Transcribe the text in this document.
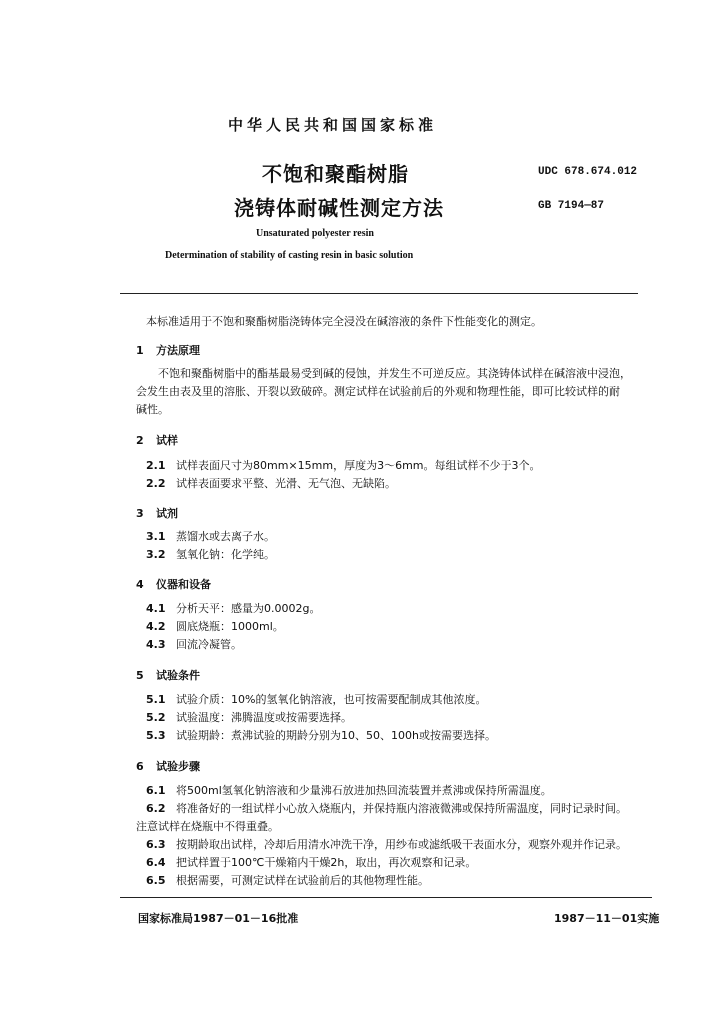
中华人民共和国国家标准
不饱和聚酯树脂
浇铸体耐碱性测定方法
UDC 678.674.012
GB 7194—87
Unsaturated polyester resin
Determination of stability of casting resin in basic solution
本标准适用于不饱和聚酯树脂浇铸体完全浸没在碱溶液的条件下性能变化的测定。
1 方法原理
不饱和聚酯树脂中的酯基最易受到碱的侵蚀，并发生不可逆反应。其浇铸体试样在碱溶液中浸泡，
会发生由表及里的溶胀、开裂以致破碎。测定试样在试验前后的外观和物理性能，即可比较试样的耐
碱性。
2 试样
2.1 试样表面尺寸为80mm×15mm，厚度为3～6mm。每组试样不少于3个。
2.2 试样表面要求平整、光滑、无气泡、无缺陷。
3 试剂
3.1 蒸馏水或去离子水。
3.2 氢氧化钠：化学纯。
4 仪器和设备
4.1 分析天平：感量为0.0002g。
4.2 圆底烧瓶：1000ml。
4.3 回流冷凝管。
5 试验条件
5.1 试验介质：10%的氢氧化钠溶液，也可按需要配制成其他浓度。
5.2 试验温度：沸腾温度或按需要选择。
5.3 试验期龄：煮沸试验的期龄分别为10、50、100h或按需要选择。
6 试验步骤
6.1 将500ml氢氧化钠溶液和少量沸石放进加热回流装置并煮沸或保持所需温度。
6.2 将准备好的一组试样小心放入烧瓶内，并保持瓶内溶液微沸或保持所需温度，同时记录时间。
注意试样在烧瓶中不得重叠。
6.3 按期龄取出试样，冷却后用清水冲洗干净，用纱布或滤纸吸干表面水分，观察外观并作记录。
6.4 把试样置于100℃干燥箱内干燥2h，取出，再次观察和记录。
6.5 根据需要，可测定试样在试验前后的其他物理性能。
国家标准局1987－01－16批准	1987－11－01实施
